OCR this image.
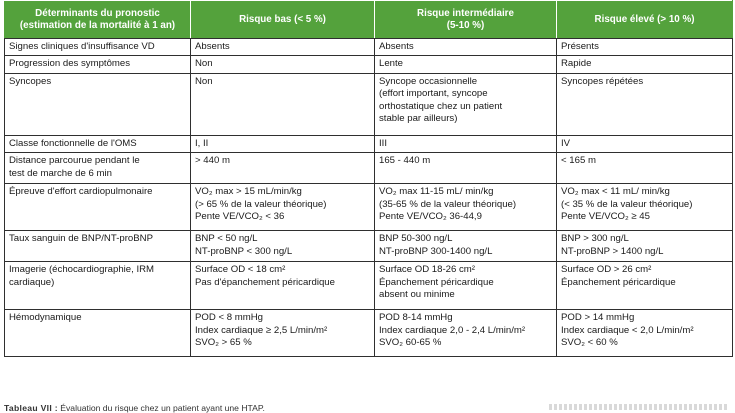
Déterminants du pronostic
(estimation de la mortalité à 1 an)	Risque bas (< 5 %)	Risque intermédiaire
(5-10 %)	Risque élevé (> 10 %)

Signes cliniques d'insuffisance VD	Absents	Absents	Présents

Progression des symptômes	Non	Lente	Rapide

Syncopes	Non	Syncope occasionnelle
(effort important, syncope
orthostatique chez un patient
stable par ailleurs)	Syncopes répétées

Classe fonctionnelle de l'OMS	I, II	III	IV

Distance parcourue pendant le
test de marche de 6 min	> 440 m	165 - 440 m	< 165 m

Épreuve d'effort cardiopulmonaire	VO₂ max > 15 mL/min/kg
(> 65 % de la valeur théorique)
Pente VE/VCO₂ < 36	VO₂ max 11-15 mL/ min/kg
(35-65 % de la valeur théorique)
Pente VE/VCO₂ 36-44,9	VO₂ max < 11 mL/ min/kg
(< 35 % de la valeur théorique)
Pente VE/VCO₂ ≥ 45

Taux sanguin de BNP/NT-proBNP	BNP < 50 ng/L
NT-proBNP < 300 ng/L	BNP 50-300 ng/L
NT-proBNP 300-1400 ng/L	BNP > 300 ng/L
NT-proBNP > 1400 ng/L

Imagerie (échocardiographie, IRM
cardiaque)	Surface OD < 18 cm²
Pas d'épanchement péricardique	Surface OD 18-26 cm²
Épanchement péricardique
absent ou minime	Surface OD > 26 cm²
Épanchement péricardique

Hémodynamique	POD < 8 mmHg
Index cardiaque ≥ 2,5 L/min/m²
SVO₂ > 65 %	POD 8-14 mmHg
Index cardiaque 2,0 - 2,4 L/min/m²
SVO₂ 60-65 %	POD > 14 mmHg
Index cardiaque < 2,0 L/min/m²
SVO₂ < 60 %
Tableau VII : Évaluation du risque chez un patient ayant une HTAP.
